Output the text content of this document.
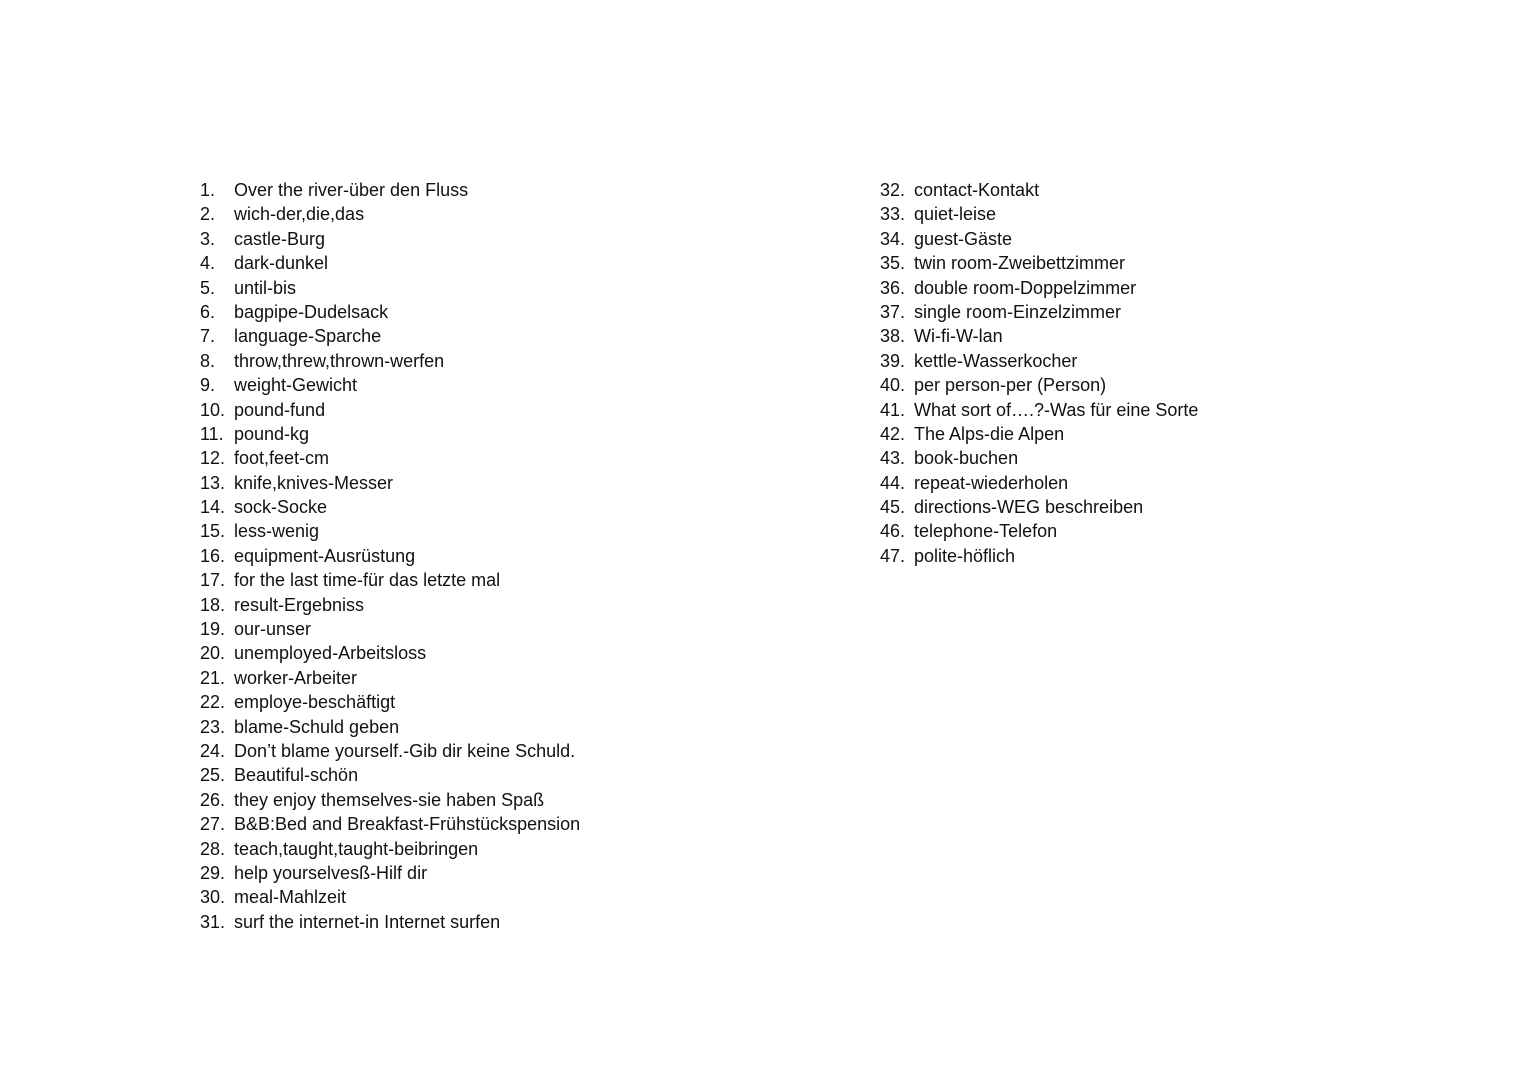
1.	Over the river-über den Fluss
2.	wich-der,die,das
3.	castle-Burg
4.	dark-dunkel
5.	until-bis
6.	bagpipe-Dudelsack
7.	language-Sparche
8.	throw,threw,thrown-werfen
9.	weight-Gewicht
10. pound-fund
11. pound-kg
12. foot,feet-cm
13. knife,knives-Messer
14. sock-Socke
15. less-wenig
16. equipment-Ausrüstung
17. for the last time-für das letzte mal
18. result-Ergebniss
19. our-unser
20. unemployed-Arbeitsloss
21. worker-Arbeiter
22. employe-beschäftigt
23. blame-Schuld geben
24. Don’t blame yourself.-Gib dir keine Schuld.
25. Beautiful-schön
26. they enjoy themselves-sie haben Spaß
27. B&B:Bed and Breakfast-Frühstückspension
28. teach,taught,taught-beibringen
29. help yourselvesß-Hilf dir
30. meal-Mahlzeit
31. surf the internet-in Internet surfen
32. contact-Kontakt
33. quiet-leise
34. guest-Gäste
35. twin room-Zweibettzimmer
36. double room-Doppelzimmer
37. single room-Einzelzimmer
38. Wi-fi-W-lan
39. kettle-Wasserkocher
40. per person-per (Person)
41. What sort of….?-Was für eine Sorte
42. The Alps-die Alpen
43. book-buchen
44. repeat-wiederholen
45. directions-WEG beschreiben
46. telephone-Telefon
47. polite-höflich
